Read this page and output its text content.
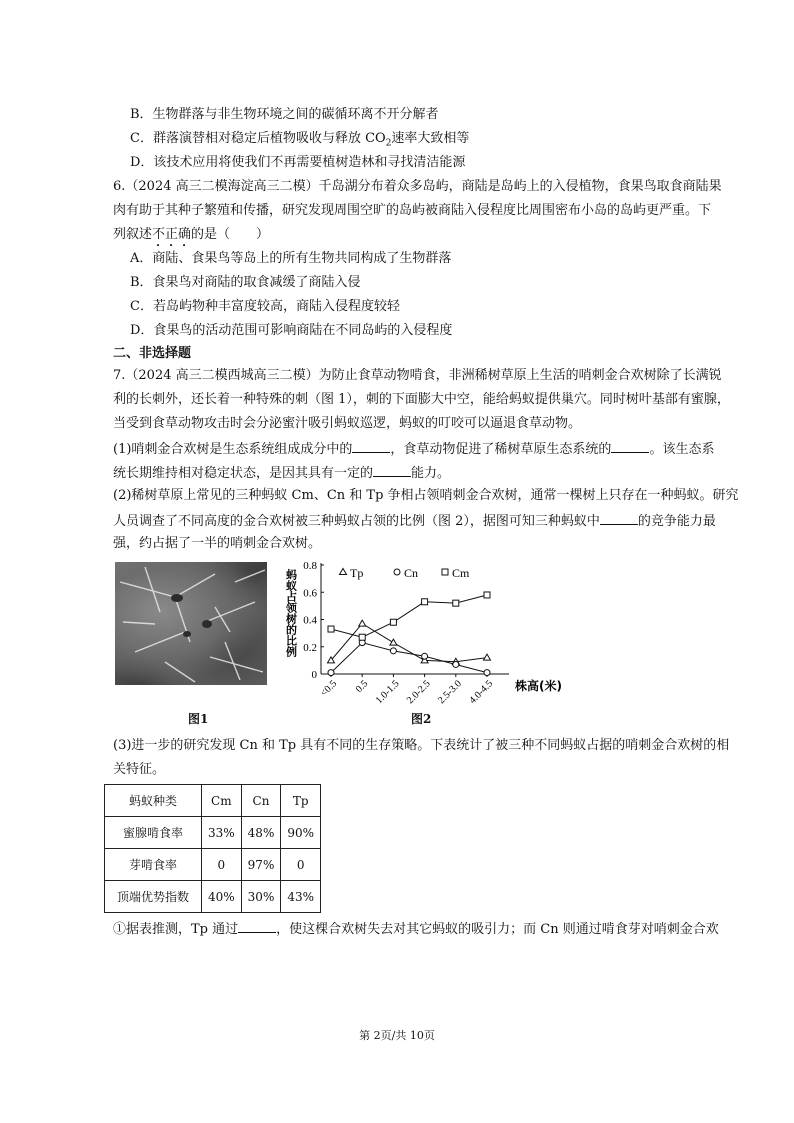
B．生物群落与非生物环境之间的碳循环离不开分解者
C．群落演替相对稳定后植物吸收与释放 $CO_2$速率大致相等
D．该技术应用将使我们不再需要植树造林和寻找清洁能源
6.（2024 高三二模海淀高三二模）千岛湖分布着众多岛屿，商陆是岛屿上的入侵植物，食果鸟取食商陆果
肉有助于其种子繁殖和传播，研究发现周围空旷的岛屿被商陆入侵程度比周围密布小岛的岛屿更严重。下
列叙述不正确的是（　　）
A．商陆、食果鸟等岛上的所有生物共同构成了生物群落
B．食果鸟对商陆的取食减缓了商陆入侵
C．若岛屿物种丰富度较高，商陆入侵程度较轻
D．食果鸟的活动范围可影响商陆在不同岛屿的入侵程度
二、非选择题
7.（2024 高三二模西城高三二模）为防止食草动物啃食，非洲稀树草原上生活的哨刺金合欢树除了长满锐
利的长刺外，还长着一种特殊的刺（图 1），刺的下面膨大中空，能给蚂蚁提供巢穴。同时树叶基部有蜜腺，
当受到食草动物攻击时会分泌蜜汁吸引蚂蚁巡逻，蚂蚁的叮咬可以逼退食草动物。
(1)哨刺金合欢树是生态系统组成成分中的	，食草动物促进了稀树草原生态系统的	。该生态系
统长期维持相对稳定状态，是因其具有一定的	能力。
(2)稀树草原上常见的三种蚂蚁 Cm、Cn 和 Tp 争相占领哨刺金合欢树，通常一棵树上只存在一种蚂蚁。研究
人员调查了不同高度的金合欢树被三种蚂蚁占领的比例（图 2），据图可知三种蚂蚁中	的竞争能力最
强，约占据了一半的哨刺金合欢树。
图1
0
0.2
0.4
0.6
0.8
<0.5 0.5 1.0-1.5 2.0-2.5 2.5-3.0 4.0-4.5
蚂蚁占领树的比例
株高(米)
Tp	Cn	Cm
图2
(3)进一步的研究发现 Cn 和 Tp 具有不同的生存策略。下表统计了被三种不同蚂蚁占据的哨刺金合欢树的相
关特征。
蚂蚁种类	Cm	Cn	Tp
蜜腺啃食率	33%	48%	90%
芽啃食率	0	97%	0
顶端优势指数	40%	30%	43%
①据表推测，Tp 通过	，使这棵合欢树失去对其它蚂蚁的吸引力；而 Cn 则通过啃食芽对哨刺金合欢
第 2页/共 10页
